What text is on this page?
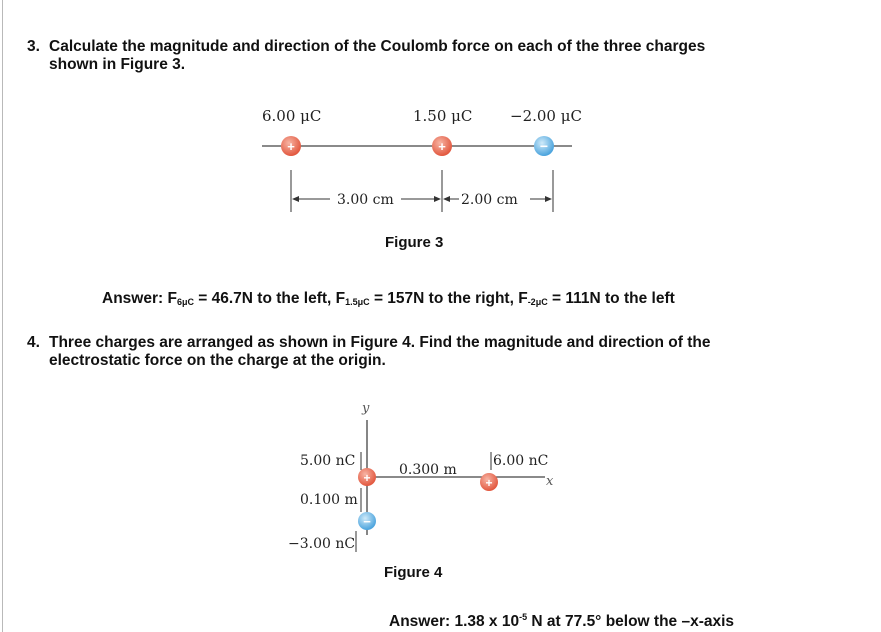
3. Calculate the magnitude and direction of the Coulomb force on each of the three charges
shown in Figure 3.
6.00 μC	1.50 μC	−2.00 μC
+	+	−
3.00 cm	2.00 cm
Figure 3
Answer: $F_{6\mu C} = 46.7N$ to the left, $F_{1.5\mu C} = 157N$ to the right, $F_{-2\mu C} = 111N$ to the left
4. Three charges are arranged as shown in Figure 4. Find the magnitude and direction of the
electrostatic force on the charge at the origin.
y
x
5.00 nC	6.00 nC
0.300 m
+	+
0.100 m
−
−3.00 nC
Figure 4
Answer: 1.38 x $10^{-5}$ N at 77.5° below the –x-axis
